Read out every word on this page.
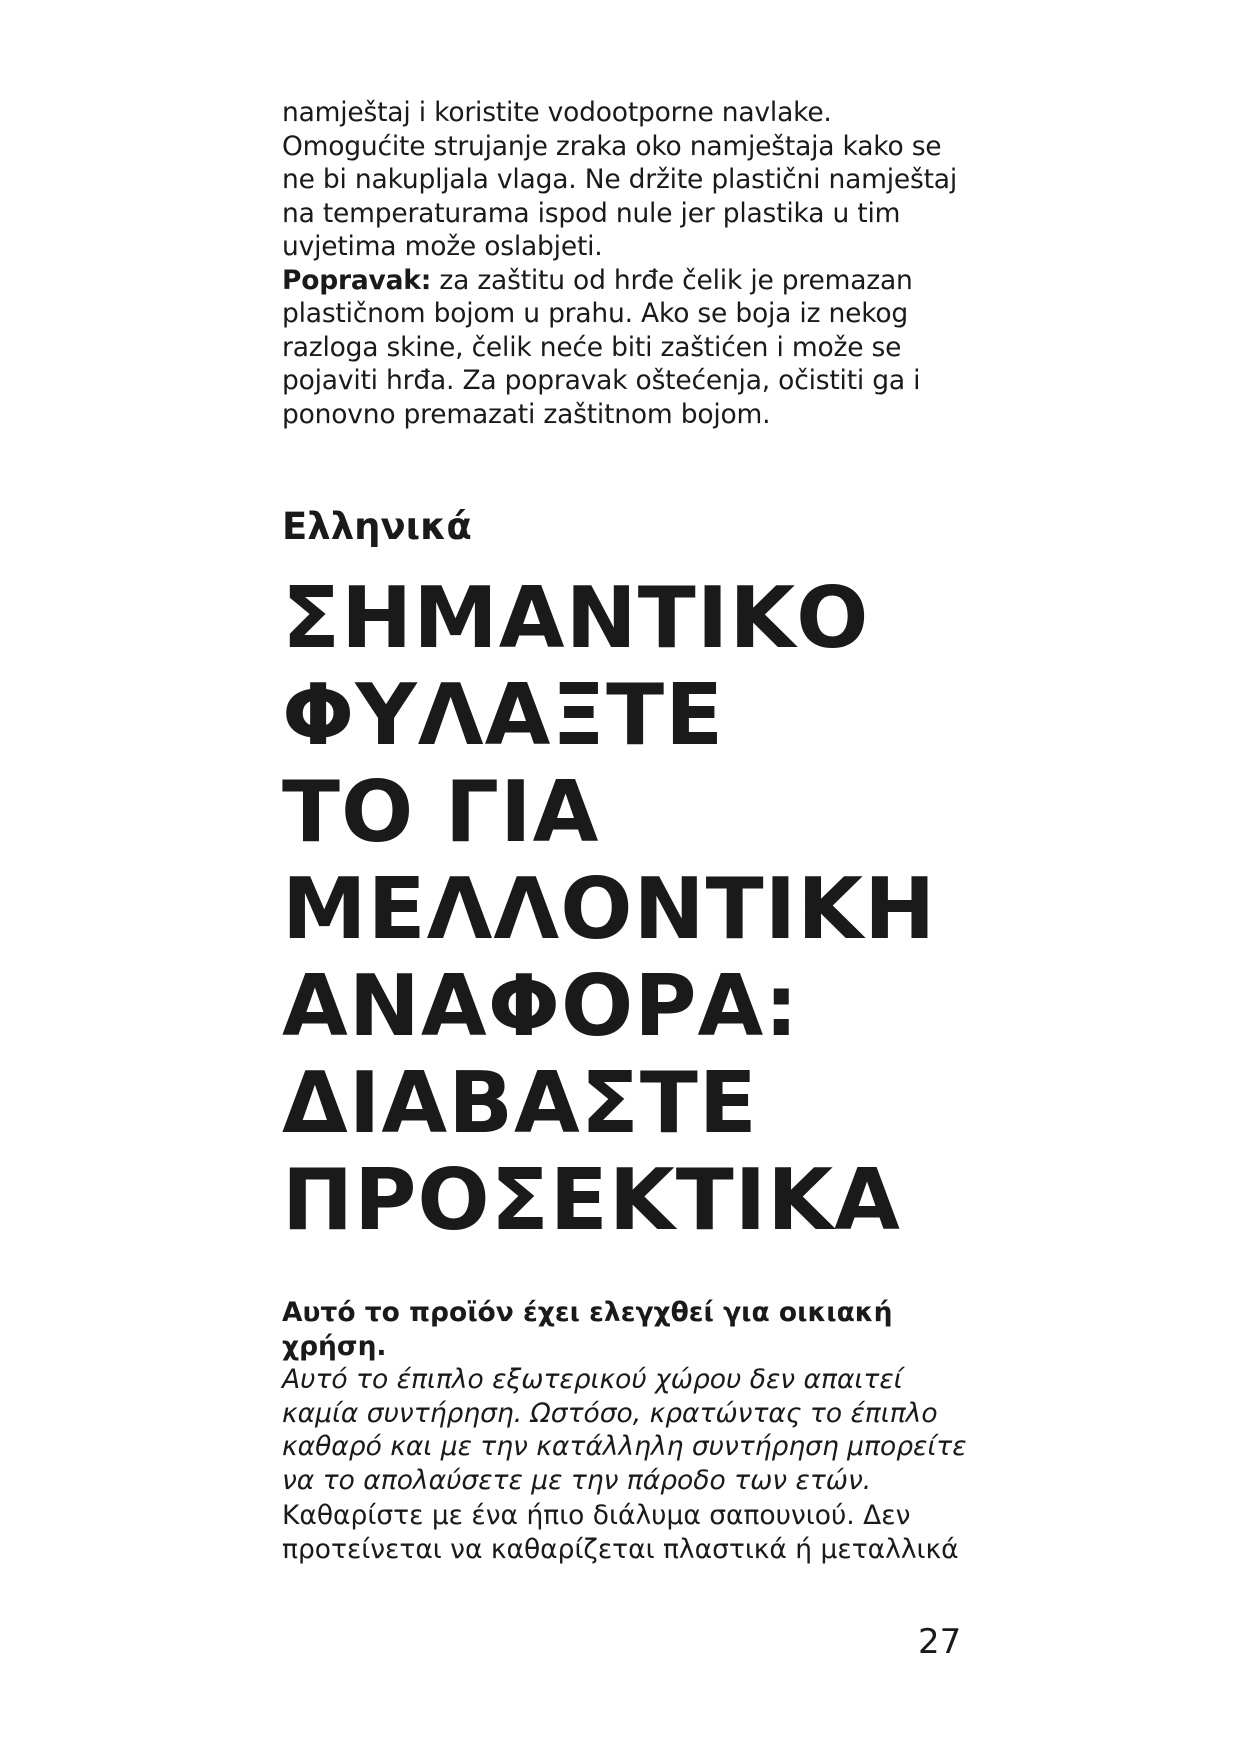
namještaj i koristite vodootporne navlake. Omogućite strujanje zraka oko namještaja kako se ne bi nakupljala vlaga. Ne držite plastični namještaj na temperaturama ispod nule jer plastika u tim uvjetima može oslabjeti.

Popravak: za zaštitu od hrđe čelik je premazan plastičnom bojom u prahu. Ako se boja iz nekog razloga skine, čelik neće biti zaštićen i može se pojaviti hrđa. Za popravak oštećenja, očistiti ga i ponovno premazati zaštitnom bojom.

Ελληνικά
ΣΗΜΑΝΤΙΚΟ
ΦΥΛΑΞΤΕ
ΤΟ ΓΙΑ
ΜΕΛΛΟΝΤΙΚΗ
ΑΝΑΦΟΡΑ:
ΔΙΑΒΑΣΤΕ
ΠΡΟΣΕΚΤΙΚΑ

Αυτό το προϊόν έχει ελεγχθεί για οικιακή χρήση.

Αυτό το έπιπλο εξωτερικού χώρου δεν απαιτεί καμία συντήρηση. Ωστόσο, κρατώντας το έπιπλο καθαρό και με την κατάλληλη συντήρηση μπορείτε να το απολαύσετε με την πάροδο των ετών.

Καθαρίστε με ένα ήπιο διάλυμα σαπουνιού. Δεν προτείνεται να καθαρίζεται πλαστικά ή μεταλλικά

27
